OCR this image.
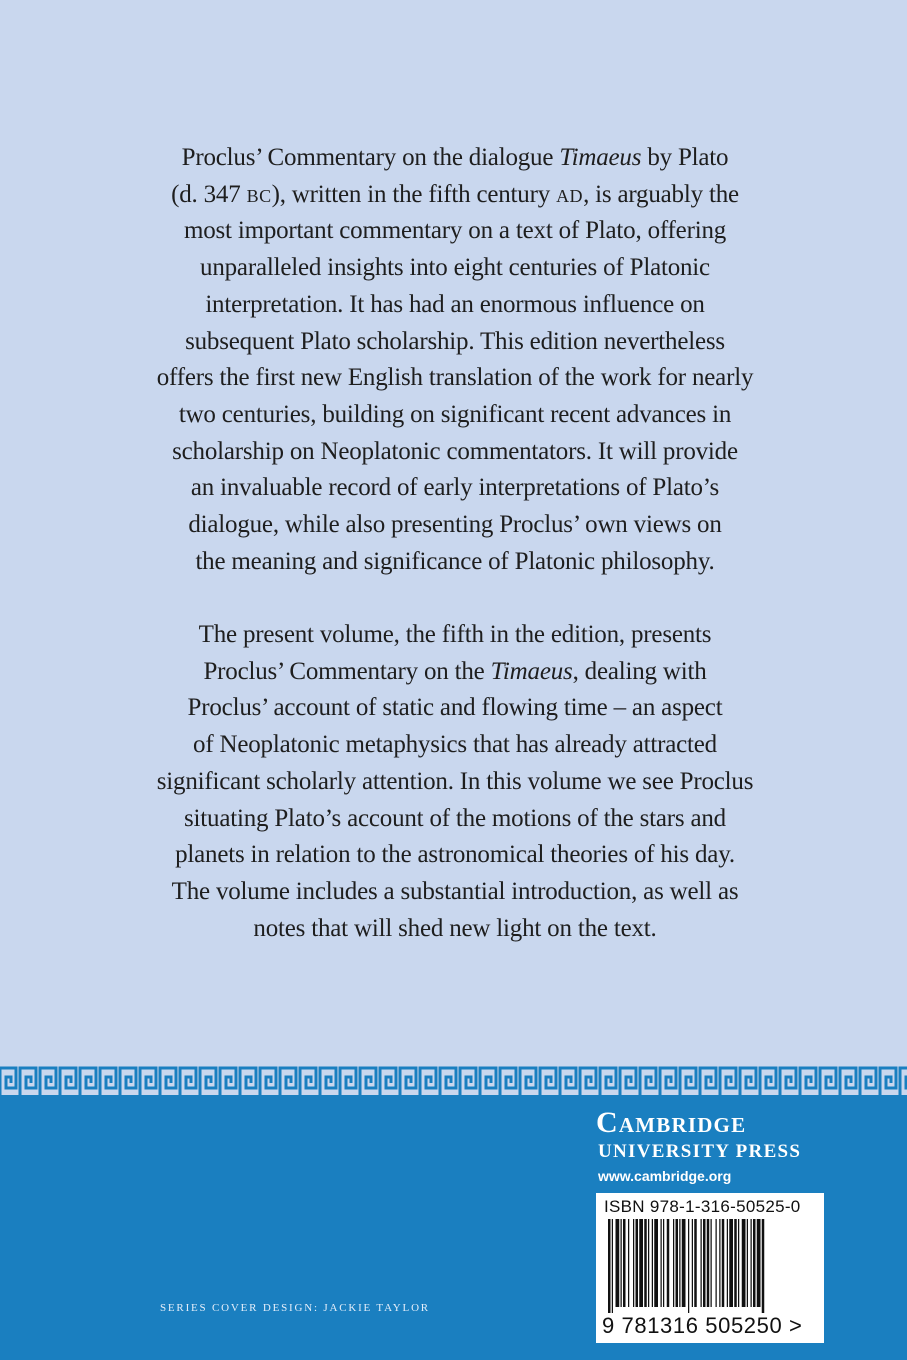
Proclus’ Commentary on the dialogue Timaeus by Plato
(d. 347 bc), written in the fifth century ad, is arguably the
most important commentary on a text of Plato, offering
unparalleled insights into eight centuries of Platonic
interpretation. It has had an enormous influence on
subsequent Plato scholarship. This edition nevertheless
offers the first new English translation of the work for nearly
two centuries, building on significant recent advances in
scholarship on Neoplatonic commentators. It will provide
an invaluable record of early interpretations of Plato’s
dialogue, while also presenting Proclus’ own views on
the meaning and significance of Platonic philosophy.
The present volume, the fifth in the edition, presents
Proclus’ Commentary on the Timaeus, dealing with
Proclus’ account of static and flowing time – an aspect
of Neoplatonic metaphysics that has already attracted
significant scholarly attention. In this volume we see Proclus
situating Plato’s account of the motions of the stars and
planets in relation to the astronomical theories of his day.
The volume includes a substantial introduction, as well as
notes that will shed new light on the text.
Cambridge
UNIVERSITY PRESS
www.cambridge.org
ISBN 978-1-316-50525-0
9 781316 505250 >
SERIES COVER DESIGN: JACKIE TAYLOR
